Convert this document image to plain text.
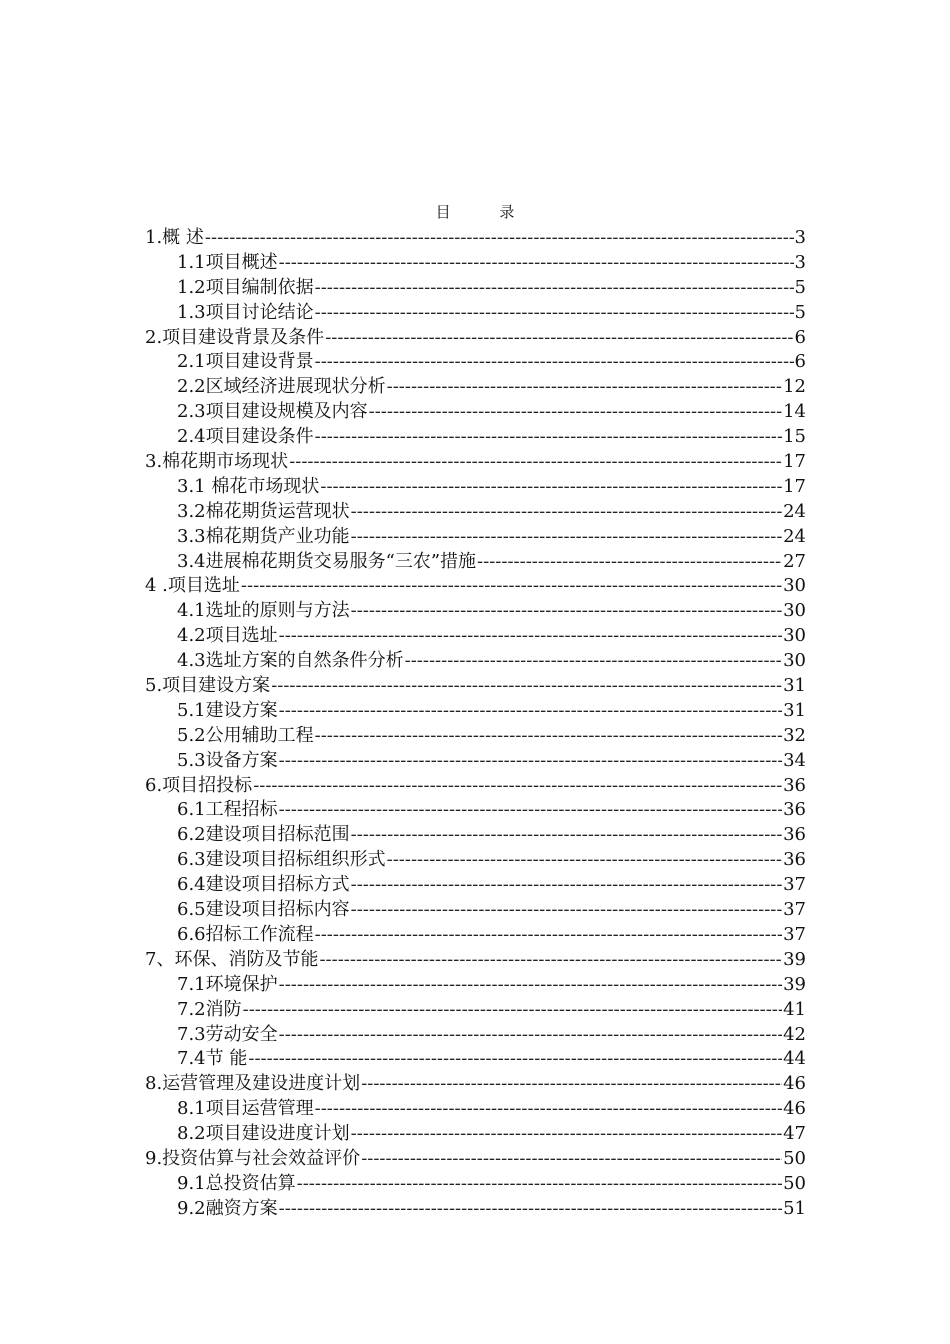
目 录
1.概 述 -----	3
1.1项目概述 -----	3
1.2项目编制依据 -----	5
1.3项目讨论结论 -----	5
2.项目建设背景及条件 -----	6
2.1项目建设背景 -----	6
2.2区域经济进展现状分析 -----	12
2.3项目建设规模及内容 -----	14
2.4项目建设条件 -----	15
3.棉花期市场现状 -----	17
3.1 棉花市场现状 -----	17
3.2棉花期货运营现状 -----	24
3.3棉花期货产业功能 -----	24
3.4进展棉花期货交易服务“三农”措施 -----	27
4 .项目选址 -----	30
4.1选址的原则与方法 -----	30
4.2项目选址 -----	30
4.3选址方案的自然条件分析 -----	30
5.项目建设方案 -----	31
5.1建设方案 -----	31
5.2公用辅助工程 -----	32
5.3设备方案 -----	34
6.项目招投标 -----	36
6.1工程招标 -----	36
6.2建设项目招标范围 -----	36
6.3建设项目招标组织形式 -----	36
6.4建设项目招标方式 -----	37
6.5建设项目招标内容 -----	37
6.6招标工作流程 -----	37
7、环保、消防及节能 -----	39
7.1环境保护 -----	39
7.2消防 -----	41
7.3劳动安全 -----	42
7.4节 能 -----	44
8.运营管理及建设进度计划 -----	46
8.1项目运营管理 -----	46
8.2项目建设进度计划 -----	47
9.投资估算与社会效益评价 -----	50
9.1总投资估算 -----	50
9.2融资方案 -----	51
